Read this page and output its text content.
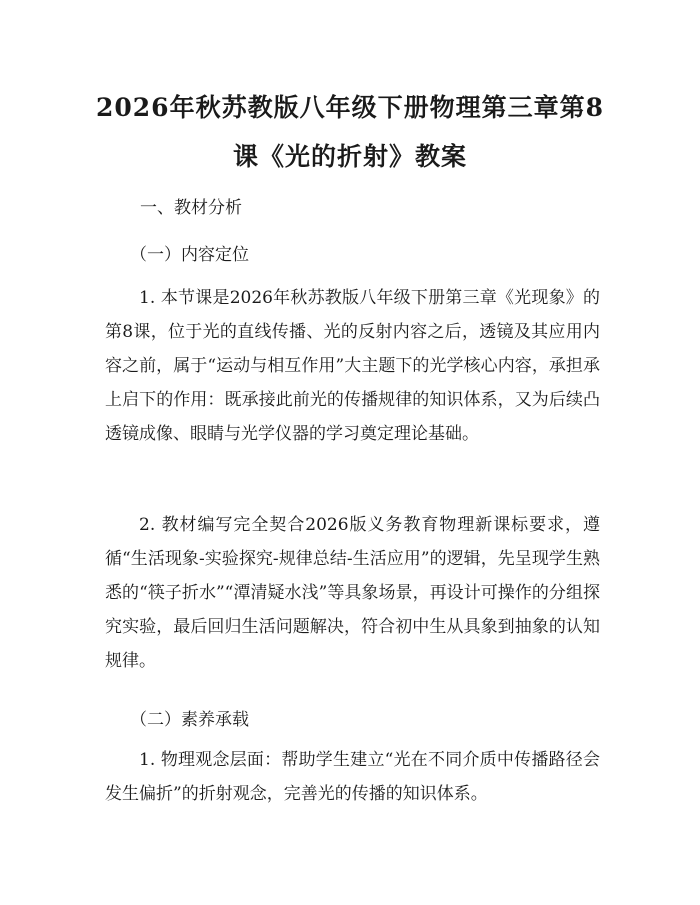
2026年秋苏教版八年级下册物理第三章第8
课《光的折射》教案
一、教材分析
（一）内容定位
1. 本节课是2026年秋苏教版八年级下册第三章《光现象》的第8课，位于光的直线传播、光的反射内容之后，透镜及其应用内容之前，属于“运动与相互作用”大主题下的光学核心内容，承担承上启下的作用：既承接此前光的传播规律的知识体系，又为后续凸透镜成像、眼睛与光学仪器的学习奠定理论基础。
2. 教材编写完全契合2026版义务教育物理新课标要求，遵循“生活现象-实验探究-规律总结-生活应用”的逻辑，先呈现学生熟悉的“筷子折水”“潭清疑水浅”等具象场景，再设计可操作的分组探究实验，最后回归生活问题解决，符合初中生从具象到抽象的认知规律。
（二）素养承载
1. 物理观念层面：帮助学生建立“光在不同介质中传播路径会发生偏折”的折射观念，完善光的传播的知识体系。
